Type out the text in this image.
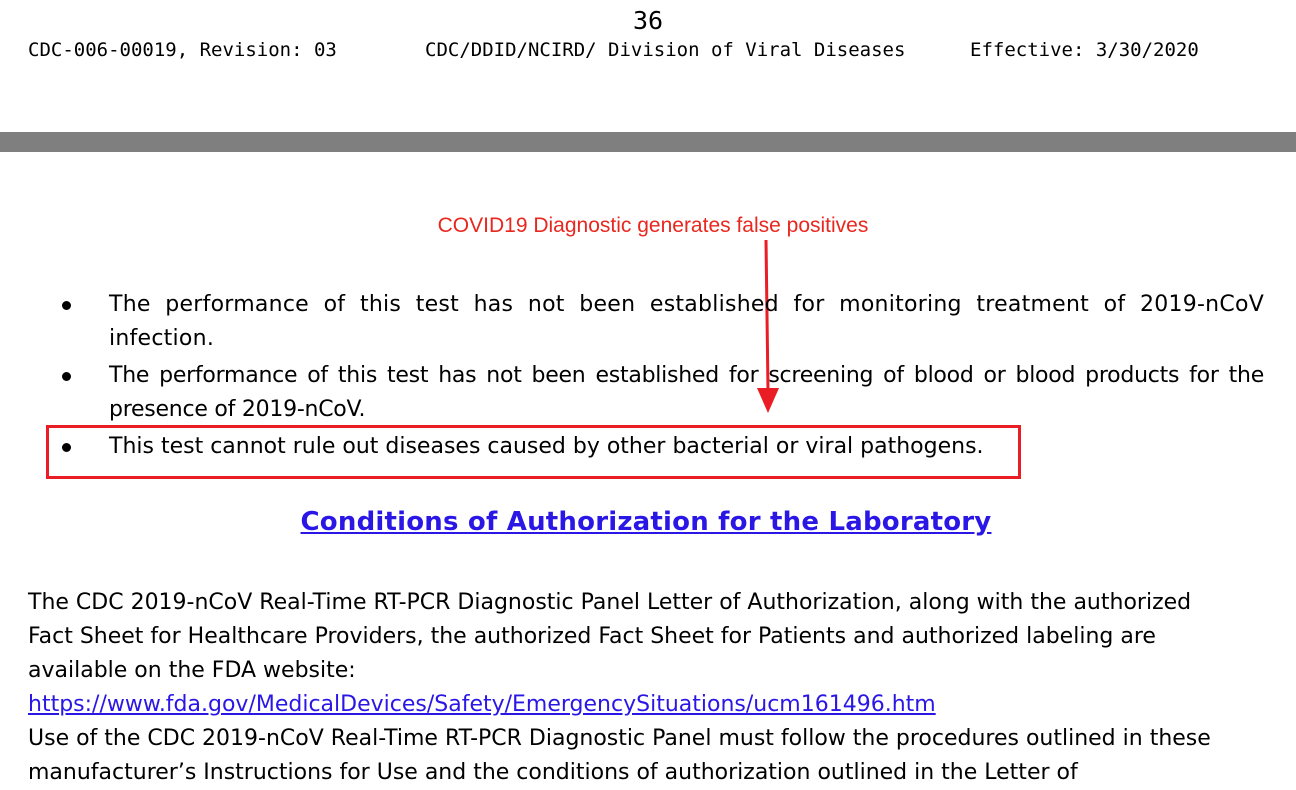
36
CDC-006-00019, Revision: 03	CDC/DDID/NCIRD/ Division of Viral Diseases	Effective: 3/30/2020
COVID19 Diagnostic generates false positives
The performance of this test has not been established for monitoring treatment of 2019-nCoV infection.
The performance of this test has not been established for screening of blood or blood products for the presence of 2019-nCoV.
This test cannot rule out diseases caused by other bacterial or viral pathogens.
Conditions of Authorization for the Laboratory
The CDC 2019-nCoV Real-Time RT-PCR Diagnostic Panel Letter of Authorization, along with the authorized
Fact Sheet for Healthcare Providers, the authorized Fact Sheet for Patients and authorized labeling are
available on the FDA website:
https://www.fda.gov/MedicalDevices/Safety/EmergencySituations/ucm161496.htm
Use of the CDC 2019-nCoV Real-Time RT-PCR Diagnostic Panel must follow the procedures outlined in these
manufacturer’s Instructions for Use and the conditions of authorization outlined in the Letter of
